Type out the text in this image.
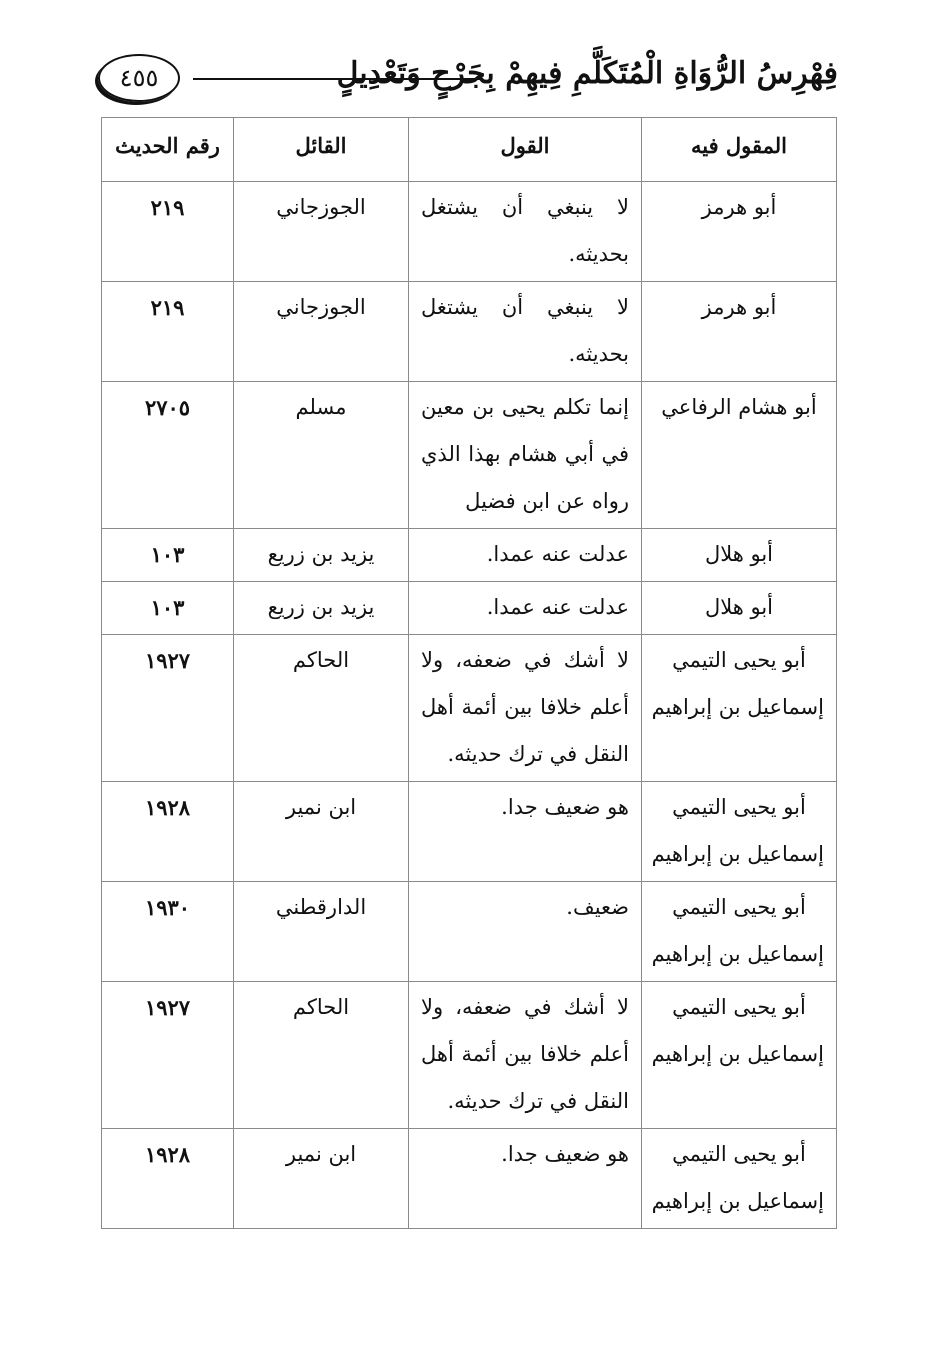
فِهْرِسُ الرُّوَاةِ الْمُتَكَلَّمِ فِيهِمْ بِجَرْحٍ وَتَعْدِيلٍ
٤٥٥
المقول فيه	القول	القائل	رقم الحديث

أبو هرمز	لا ينبغي أن يشتغل بحديثه.	الجوزجاني	٢١٩

أبو هرمز	لا ينبغي أن يشتغل بحديثه.	الجوزجاني	٢١٩

أبو هشام الرفاعي	إنما تكلم يحيى بن معين في أبي هشام بهذا الذي رواه عن ابن فضيل	مسلم	٢٧٠٥

أبو هلال	عدلت عنه عمدا.	يزيد بن زريع	١٠٣

أبو هلال	عدلت عنه عمدا.	يزيد بن زريع	١٠٣

أبو يحيى التيمي
إسماعيل بن إبراهيم	لا أشك في ضعفه، ولا أعلم خلافا بين أئمة أهل النقل في ترك حديثه.	الحاكم	١٩٢٧

أبو يحيى التيمي
إسماعيل بن إبراهيم	هو ضعيف جدا.	ابن نمير	١٩٢٨

أبو يحيى التيمي
إسماعيل بن إبراهيم	ضعيف.	الدارقطني	١٩٣٠

أبو يحيى التيمي
إسماعيل بن إبراهيم	لا أشك في ضعفه، ولا أعلم خلافا بين أئمة أهل النقل في ترك حديثه.	الحاكم	١٩٢٧

أبو يحيى التيمي
إسماعيل بن إبراهيم	هو ضعيف جدا.	ابن نمير	١٩٢٨
